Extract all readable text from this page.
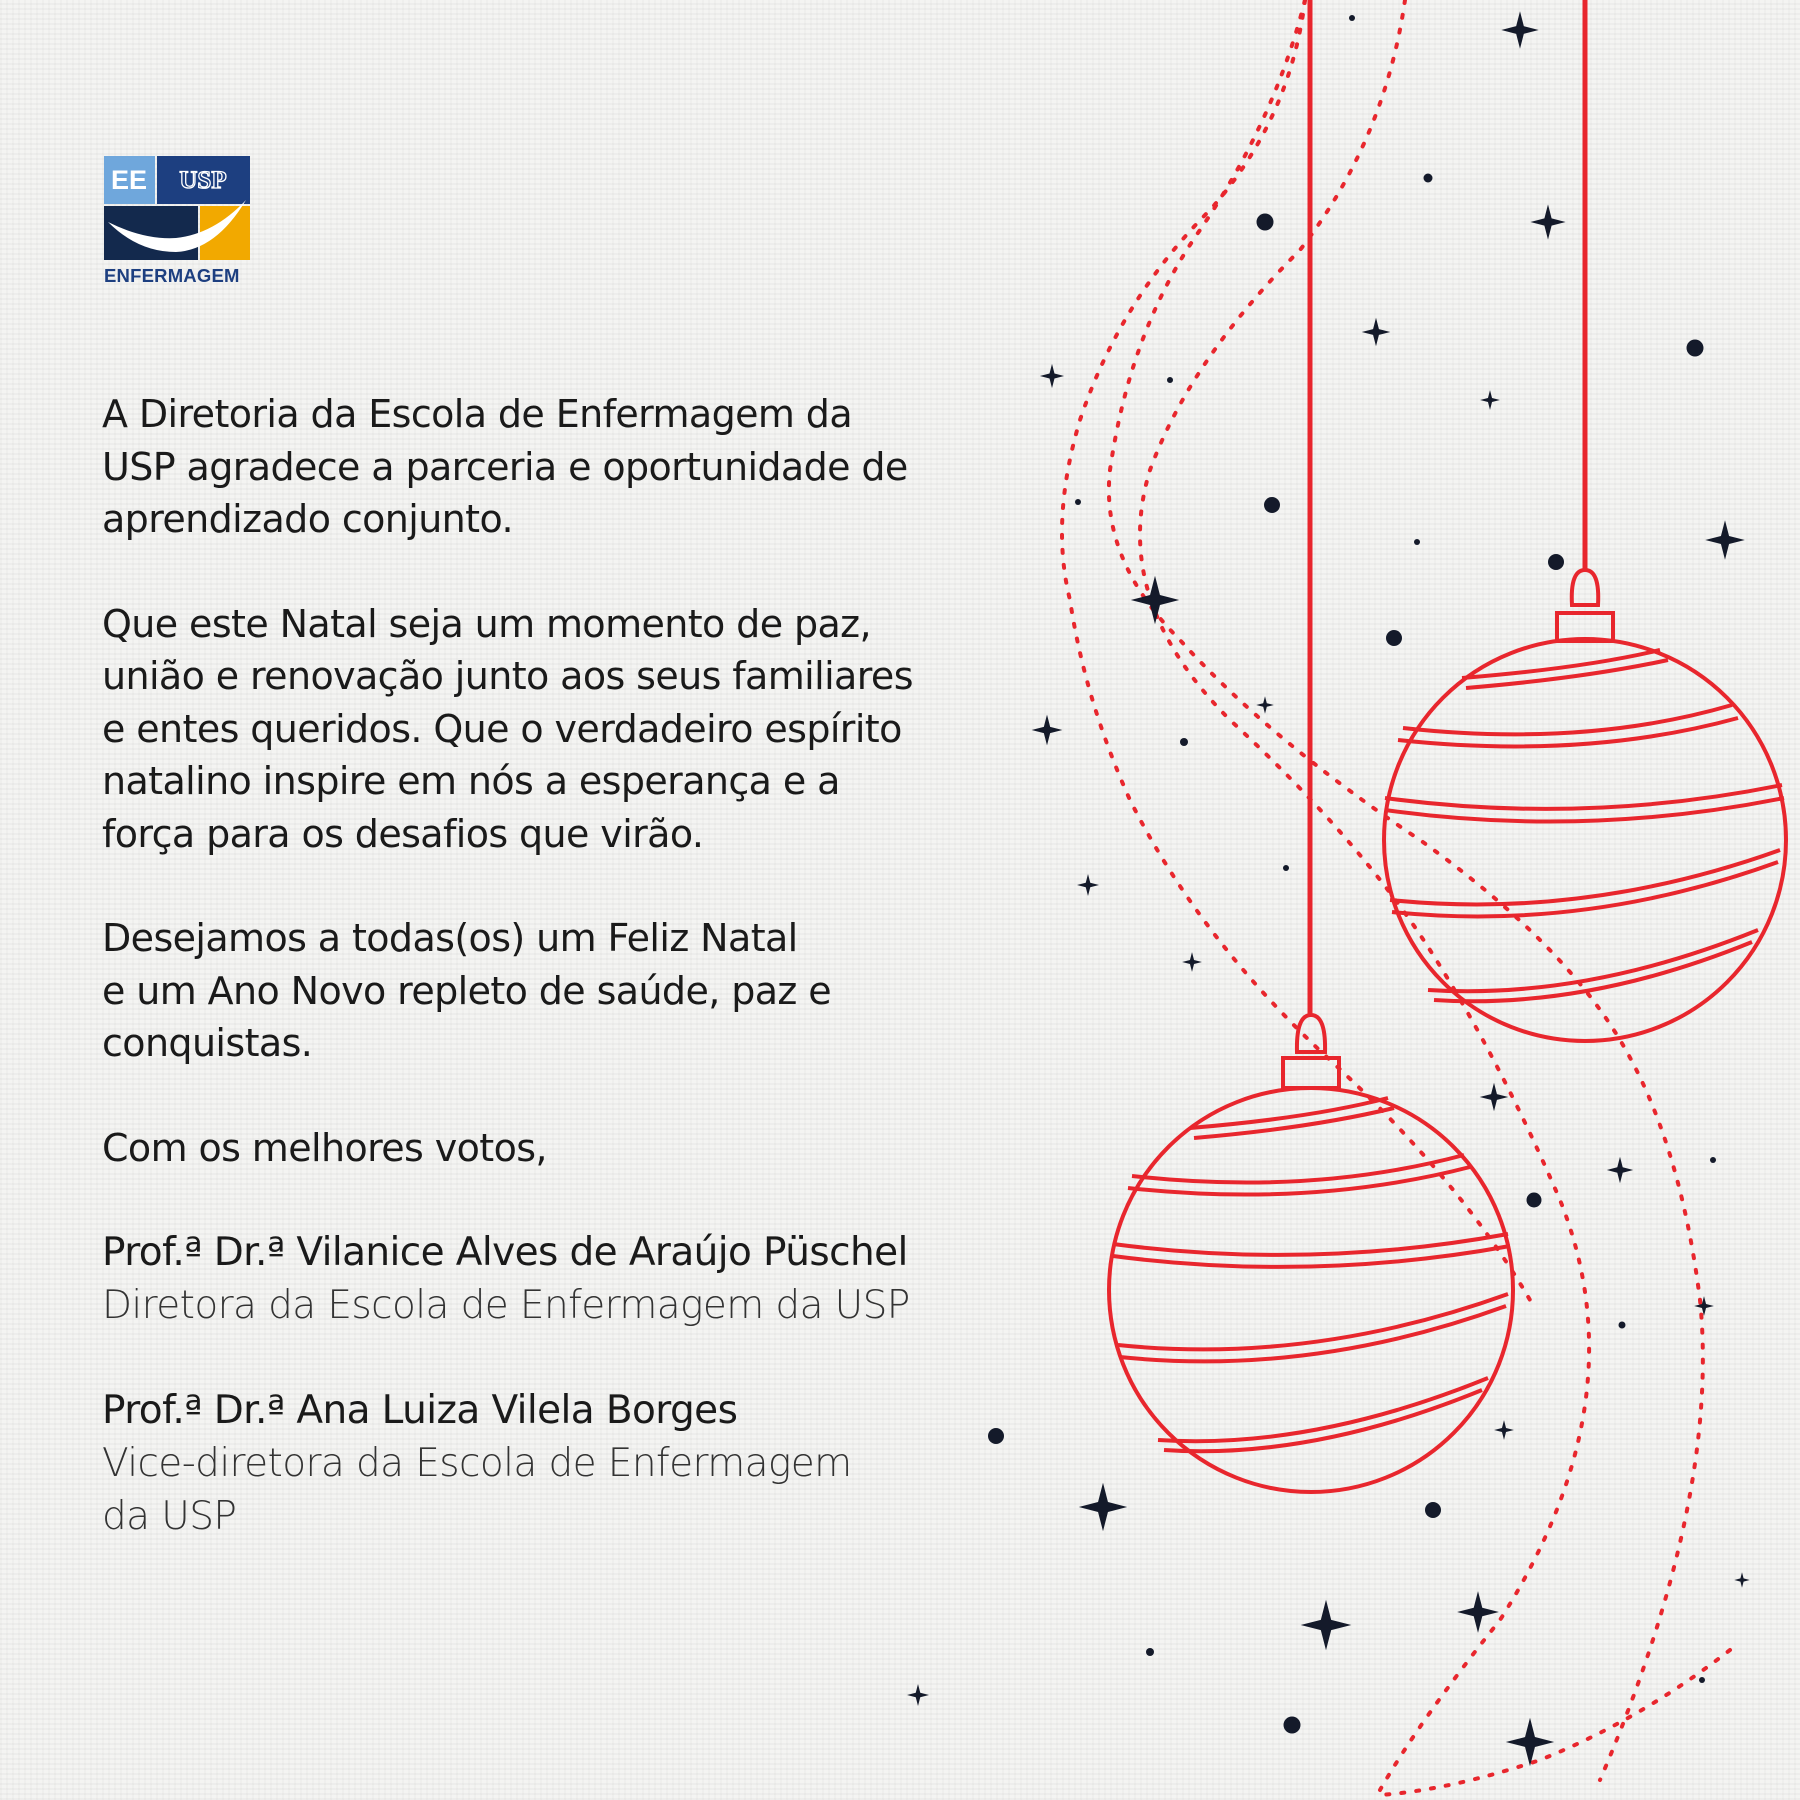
EE USP
ENFERMAGEM

A Diretoria da Escola de Enfermagem da
USP agradece a parceria e oportunidade de
aprendizado conjunto.

Que este Natal seja um momento de paz,
união e renovação junto aos seus familiares
e entes queridos. Que o verdadeiro espírito
natalino inspire em nós a esperança e a
força para os desafios que virão.

Desejamos a todas(os) um Feliz Natal
e um Ano Novo repleto de saúde, paz e
conquistas.

Com os melhores votos,

Prof.ª Dr.ª Vilanice Alves de Araújo Püschel

Diretora da Escola de Enfermagem da USP

Prof.ª Dr.ª Ana Luiza Vilela Borges

Vice-diretora da Escola de Enfermagem
da USP
